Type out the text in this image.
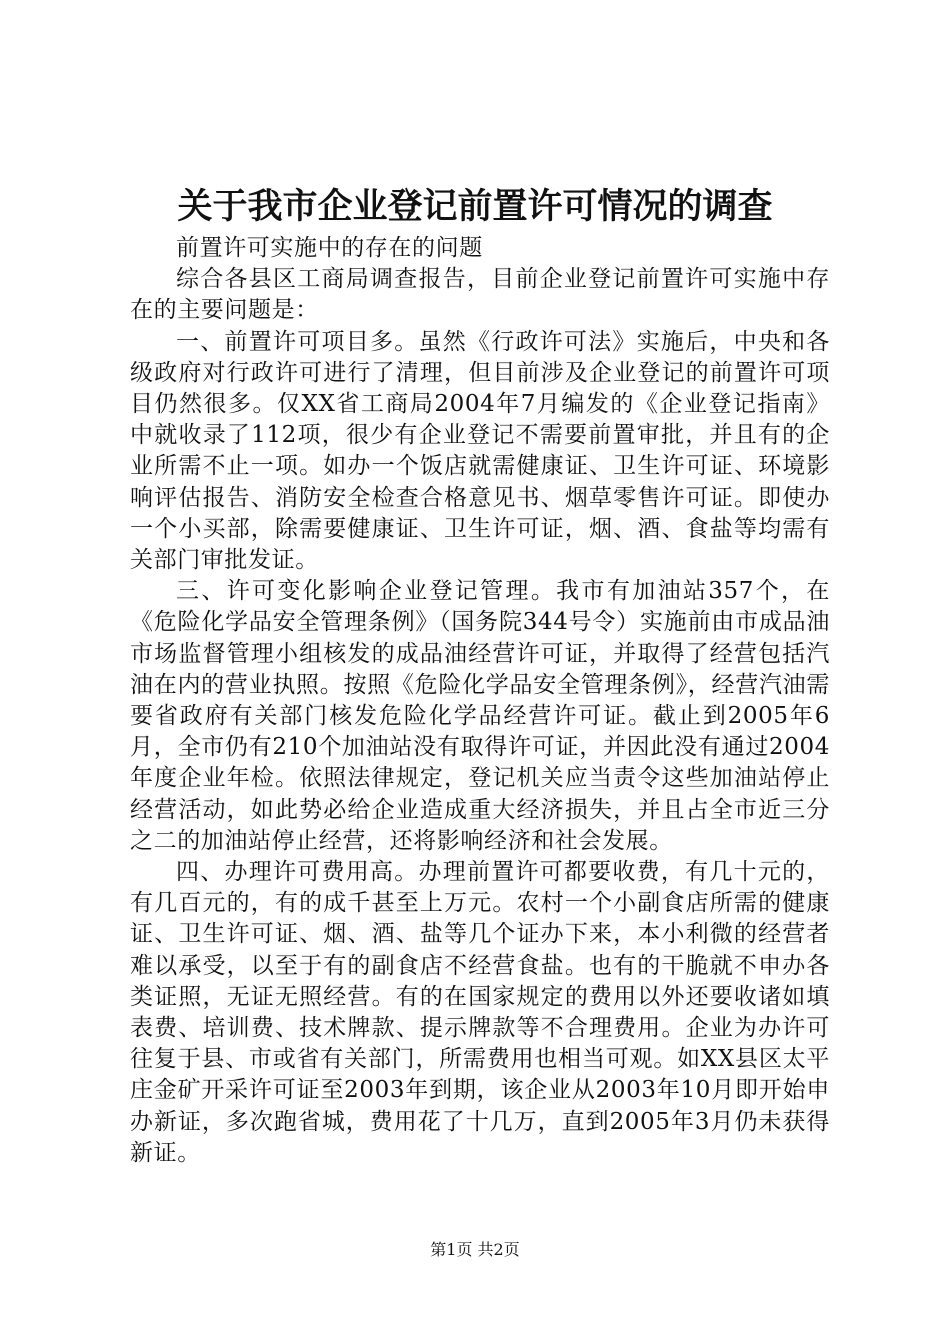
关于我市企业登记前置许可情况的调查

前置许可实施中的存在的问题

综合各县区工商局调查报告，目前企业登记前置许可实施中存在的主要问题是：

一、前置许可项目多。虽然《行政许可法》实施后，中央和各级政府对行政许可进行了清理，但目前涉及企业登记的前置许可项目仍然很多。仅XX省工商局2004年7月编发的《企业登记指南》中就收录了112项，很少有企业登记不需要前置审批，并且有的企业所需不止一项。如办一个饭店就需健康证、卫生许可证、环境影响评估报告、消防安全检查合格意见书、烟草零售许可证。即使办一个小买部，除需要健康证、卫生许可证，烟、酒、食盐等均需有关部门审批发证。

三、许可变化影响企业登记管理。我市有加油站357个，在《危险化学品安全管理条例》（国务院344号令）实施前由市成品油市场监督管理小组核发的成品油经营许可证，并取得了经营包括汽油在内的营业执照。按照《危险化学品安全管理条例》，经营汽油需要省政府有关部门核发危险化学品经营许可证。截止到2005年6月，全市仍有210个加油站没有取得许可证，并因此没有通过2004年度企业年检。依照法律规定，登记机关应当责令这些加油站停止经营活动，如此势必给企业造成重大经济损失，并且占全市近三分之二的加油站停止经营，还将影响经济和社会发展。

四、办理许可费用高。办理前置许可都要收费，有几十元的，有几百元的，有的成千甚至上万元。农村一个小副食店所需的健康证、卫生许可证、烟、酒、盐等几个证办下来，本小利微的经营者难以承受，以至于有的副食店不经营食盐。也有的干脆就不申办各类证照，无证无照经营。有的在国家规定的费用以外还要收诸如填表费、培训费、技术牌款、提示牌款等不合理费用。企业为办许可往复于县、市或省有关部门，所需费用也相当可观。如XX县区太平庄金矿开采许可证至2003年到期，该企业从2003年10月即开始申办新证，多次跑省城，费用花了十几万，直到2005年3月仍未获得新证。

第1页 共2页
